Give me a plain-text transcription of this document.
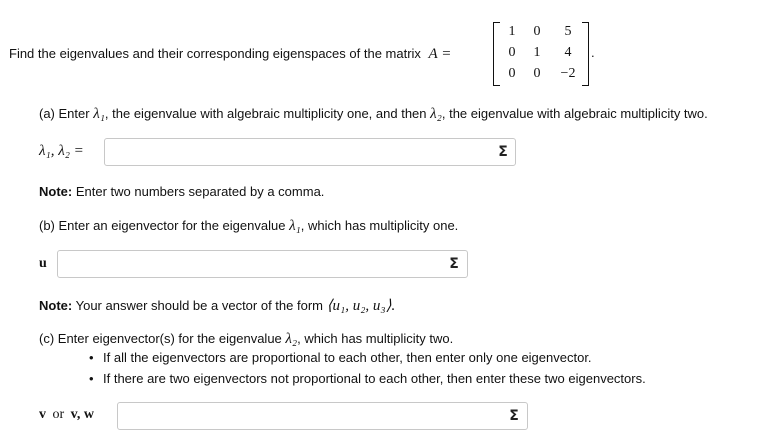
Find the eigenvalues and their corresponding eigenspaces of the matrix A =
1	0	5
0	1	4
0	0	−2
.
(a) Enter λ₁, the eigenvalue with algebraic multiplicity one, and then λ₂, the eigenvalue with algebraic multiplicity two.
λ₁, λ₂ =	Σ
Note: Enter two numbers separated by a comma.
(b) Enter an eigenvector for the eigenvalue λ₁, which has multiplicity one.
u	Σ
Note: Your answer should be a vector of the form ⟨u₁, u₂, u₃⟩.
(c) Enter eigenvector(s) for the eigenvalue λ₂, which has multiplicity two.
• If all the eigenvectors are proportional to each other, then enter only one eigenvector.
• If there are two eigenvectors not proportional to each other, then enter these two eigenvectors.
v or v, w	Σ
